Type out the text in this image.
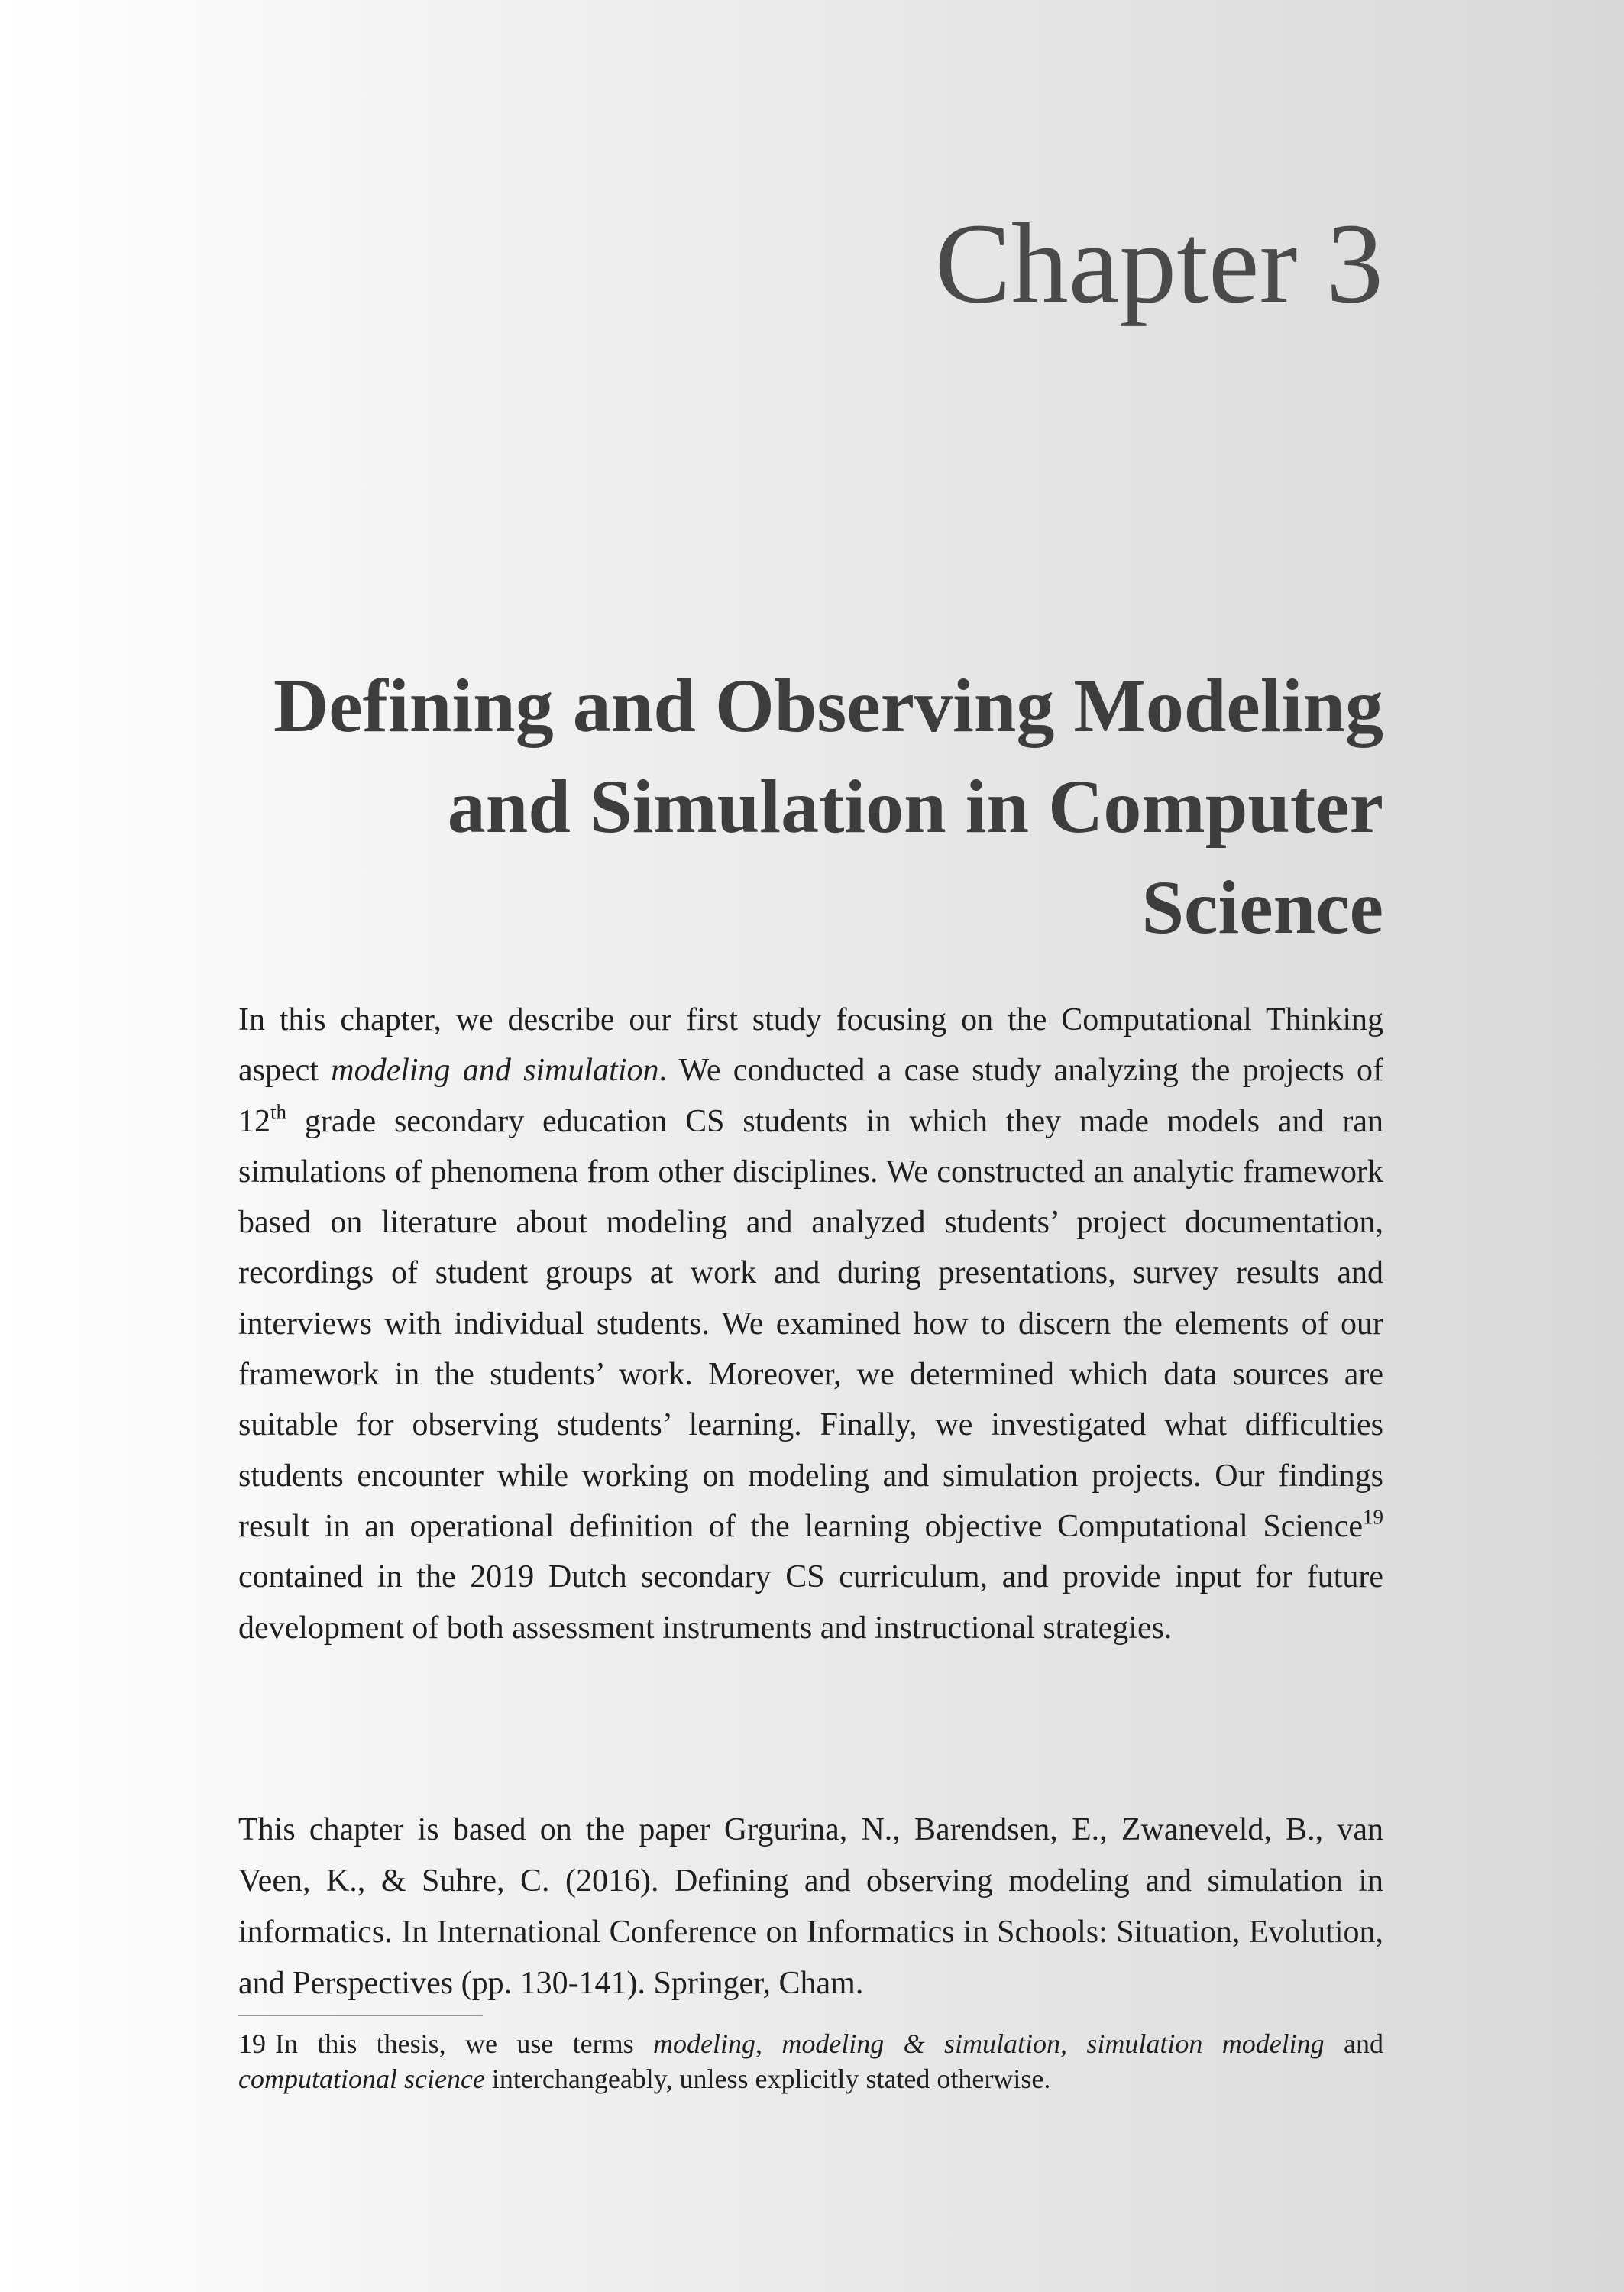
Chapter 3
Defining and Observing Modeling
and Simulation in Computer
Science

In this chapter, we describe our first study focusing on the Computational Thinking aspect modeling and simulation. We conducted a case study analyzing the projects of 12th grade secondary education CS students in which they made models and ran simulations of phenomena from other disciplines. We constructed an analytic framework based on literature about modeling and analyzed students’ project documentation, recordings of student groups at work and during presentations, survey results and interviews with individual students. We examined how to discern the elements of our framework in the students’ work. Moreover, we determined which data sources are suitable for observing students’ learning. Finally, we investigated what difficulties students encounter while working on modeling and simulation projects. Our findings result in an operational definition of the learning objective Computational Science$^{19}$ contained in the 2019 Dutch secondary CS curriculum, and provide input for future development of both assessment instruments and instructional strategies.

This chapter is based on the paper Grgurina, N., Barendsen, E., Zwaneveld, B., van Veen, K., & Suhre, C. (2016). Defining and observing modeling and simulation in informatics. In International Conference on Informatics in Schools: Situation, Evolution, and Perspectives (pp. 130-141). Springer, Cham.

19 In this thesis, we use terms modeling, modeling & simulation, simulation modeling and computational science interchangeably, unless explicitly stated otherwise.
